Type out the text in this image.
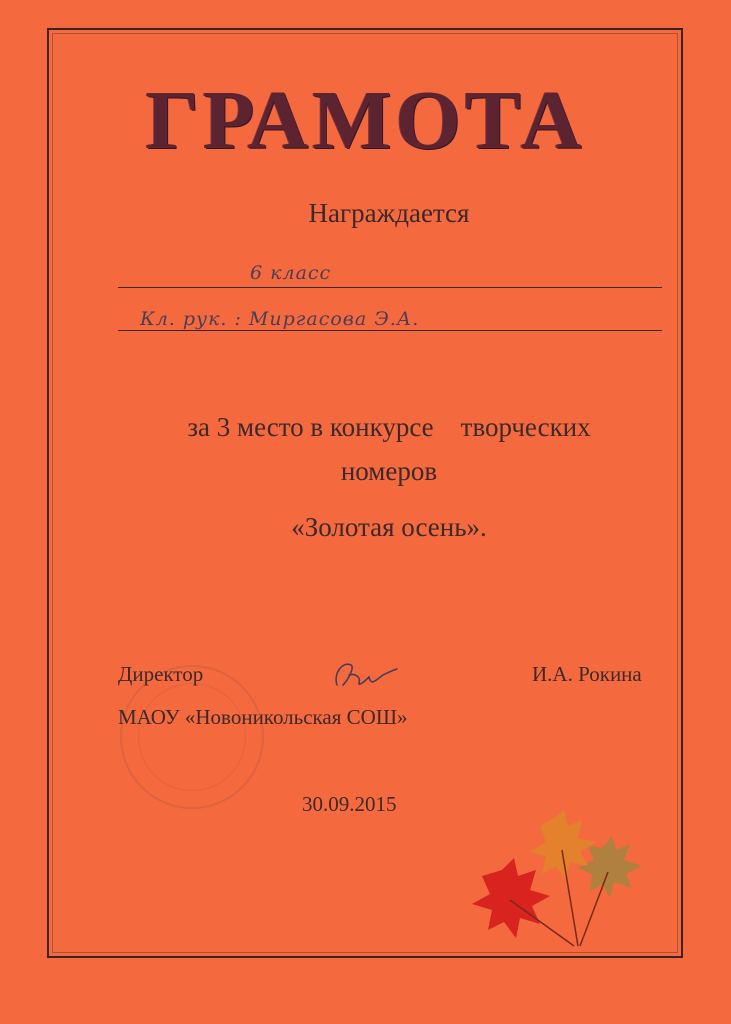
ГРАМОТА
Награждается
6 класс
Кл. рук. : Миргасова Э.А.
за 3 место в конкурсе    творческих
номеров
«Золотая осень».
Директор	И.А. Рокина
МАОУ «Новоникольская СОШ»
30.09.2015
